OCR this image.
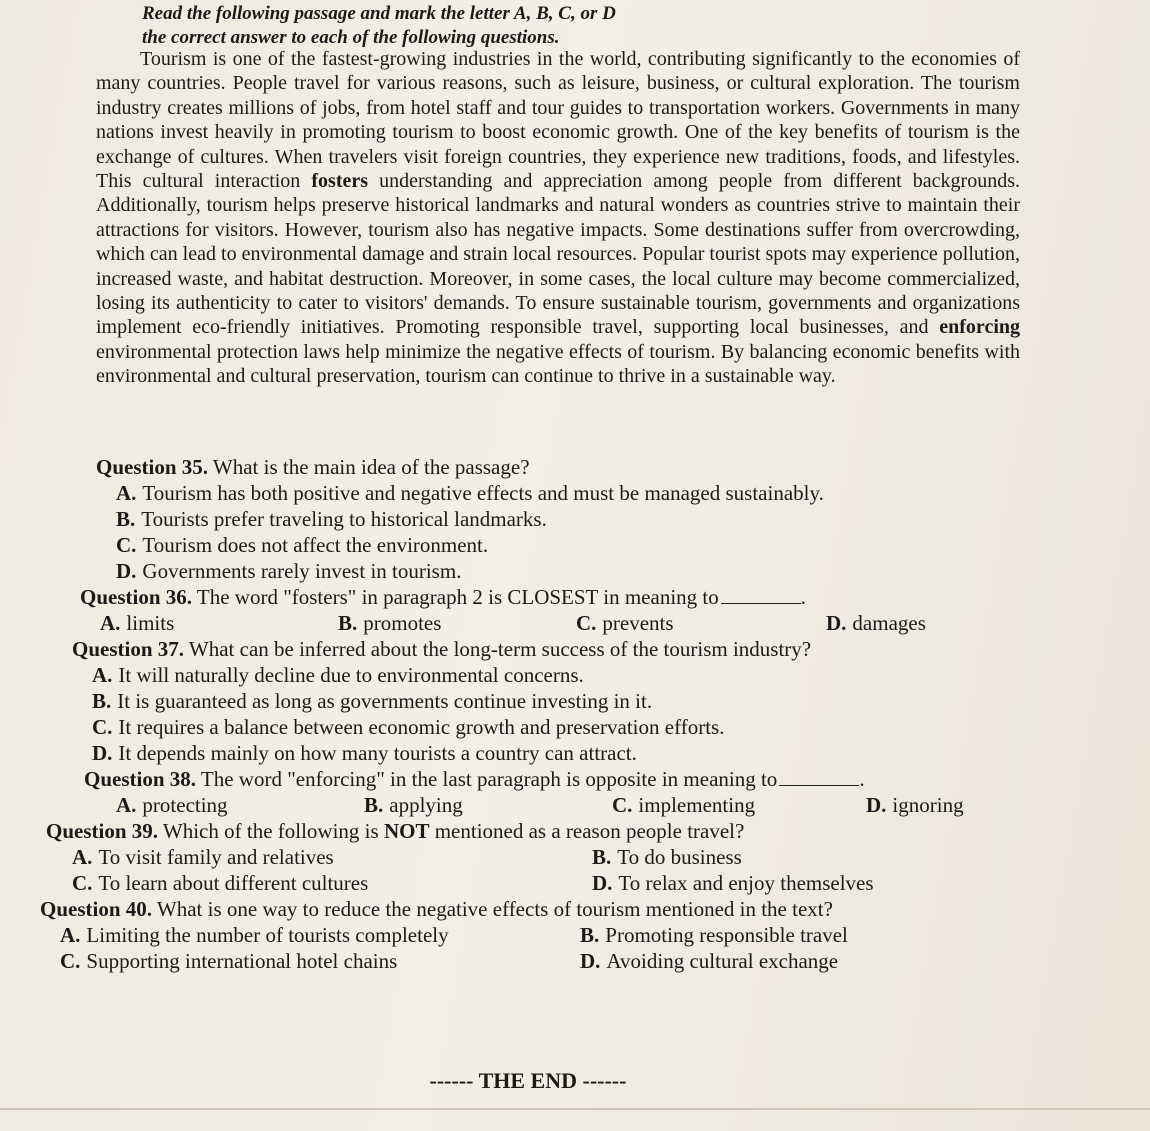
Read the following passage and mark the letter A, B, C, or D
the correct answer to each of the following questions.

Tourism is one of the fastest-growing industries in the world, contributing significantly to the economies of many countries. People travel for various reasons, such as leisure, business, or cultural exploration. The tourism industry creates millions of jobs, from hotel staff and tour guides to transportation workers. Governments in many nations invest heavily in promoting tourism to boost economic growth. One of the key benefits of tourism is the exchange of cultures. When travelers visit foreign countries, they experience new traditions, foods, and lifestyles. This cultural interaction fosters understanding and appreciation among people from different backgrounds. Additionally, tourism helps preserve historical landmarks and natural wonders as countries strive to maintain their attractions for visitors. However, tourism also has negative impacts. Some destinations suffer from overcrowding, which can lead to environmental damage and strain local resources. Popular tourist spots may experience pollution, increased waste, and habitat destruction. Moreover, in some cases, the local culture may become commercialized, losing its authenticity to cater to visitors' demands. To ensure sustainable tourism, governments and organizations implement eco-friendly initiatives. Promoting responsible travel, supporting local businesses, and enforcing environmental protection laws help minimize the negative effects of tourism. By balancing economic benefits with environmental and cultural preservation, tourism can continue to thrive in a sustainable way.

Question 35. What is the main idea of the passage?
A. Tourism has both positive and negative effects and must be managed sustainably.
B. Tourists prefer traveling to historical landmarks.
C. Tourism does not affect the environment.
D. Governments rarely invest in tourism.
Question 36. The word "fosters" in paragraph 2 is CLOSEST in meaning to	.
A. limits	B. promotes	C. prevents	D. damages
Question 37. What can be inferred about the long-term success of the tourism industry?
A. It will naturally decline due to environmental concerns.
B. It is guaranteed as long as governments continue investing in it.
C. It requires a balance between economic growth and preservation efforts.
D. It depends mainly on how many tourists a country can attract.
Question 38. The word "enforcing" in the last paragraph is opposite in meaning to	.
A. protecting	B. applying	C. implementing	D. ignoring
Question 39. Which of the following is NOT mentioned as a reason people travel?
A. To visit family and relatives	B. To do business
C. To learn about different cultures	D. To relax and enjoy themselves
Question 40. What is one way to reduce the negative effects of tourism mentioned in the text?
A. Limiting the number of tourists completely	B. Promoting responsible travel
C. Supporting international hotel chains	D. Avoiding cultural exchange
------ THE END ------
